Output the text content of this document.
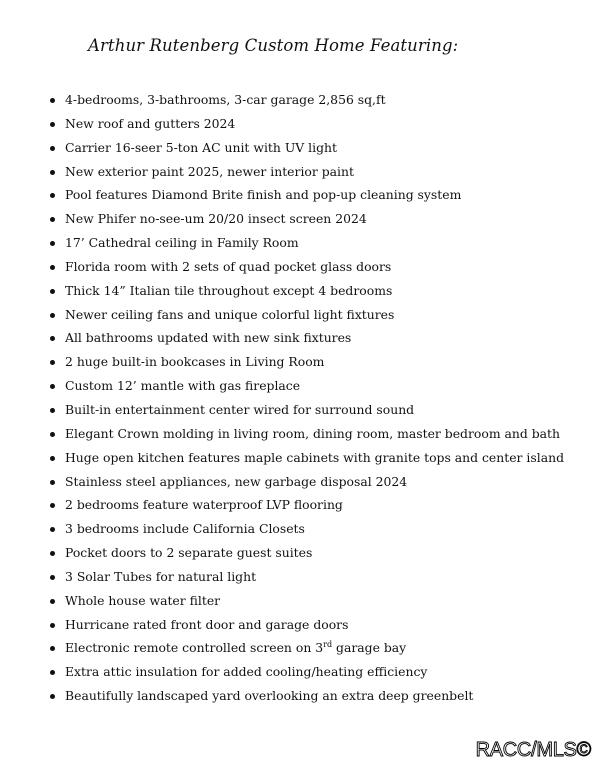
Arthur Rutenberg Custom Home Featuring:
4-bedrooms, 3-bathrooms, 3-car garage 2,856 sq,ft
New roof and gutters 2024
Carrier 16-seer 5-ton AC unit with UV light
New exterior paint 2025, newer interior paint
Pool features Diamond Brite finish and pop-up cleaning system
New Phifer no-see-um 20/20 insect screen 2024
17’ Cathedral ceiling in Family Room
Florida room with 2 sets of quad pocket glass doors
Thick 14” Italian tile throughout except 4 bedrooms
Newer ceiling fans and unique colorful light fixtures
All bathrooms updated with new sink fixtures
2 huge built-in bookcases in Living Room
Custom 12’ mantle with gas fireplace
Built-in entertainment center wired for surround sound
Elegant Crown molding in living room, dining room, master bedroom and bath
Huge open kitchen features maple cabinets with granite tops and center island
Stainless steel appliances, new garbage disposal 2024
2 bedrooms feature waterproof LVP flooring
3 bedrooms include California Closets
Pocket doors to 2 separate guest suites
3 Solar Tubes for natural light
Whole house water filter
Hurricane rated front door and garage doors
Electronic remote controlled screen on 3rd garage bay
Extra attic insulation for added cooling/heating efficiency
Beautifully landscaped yard overlooking an extra deep greenbelt
RACC/MLS©
